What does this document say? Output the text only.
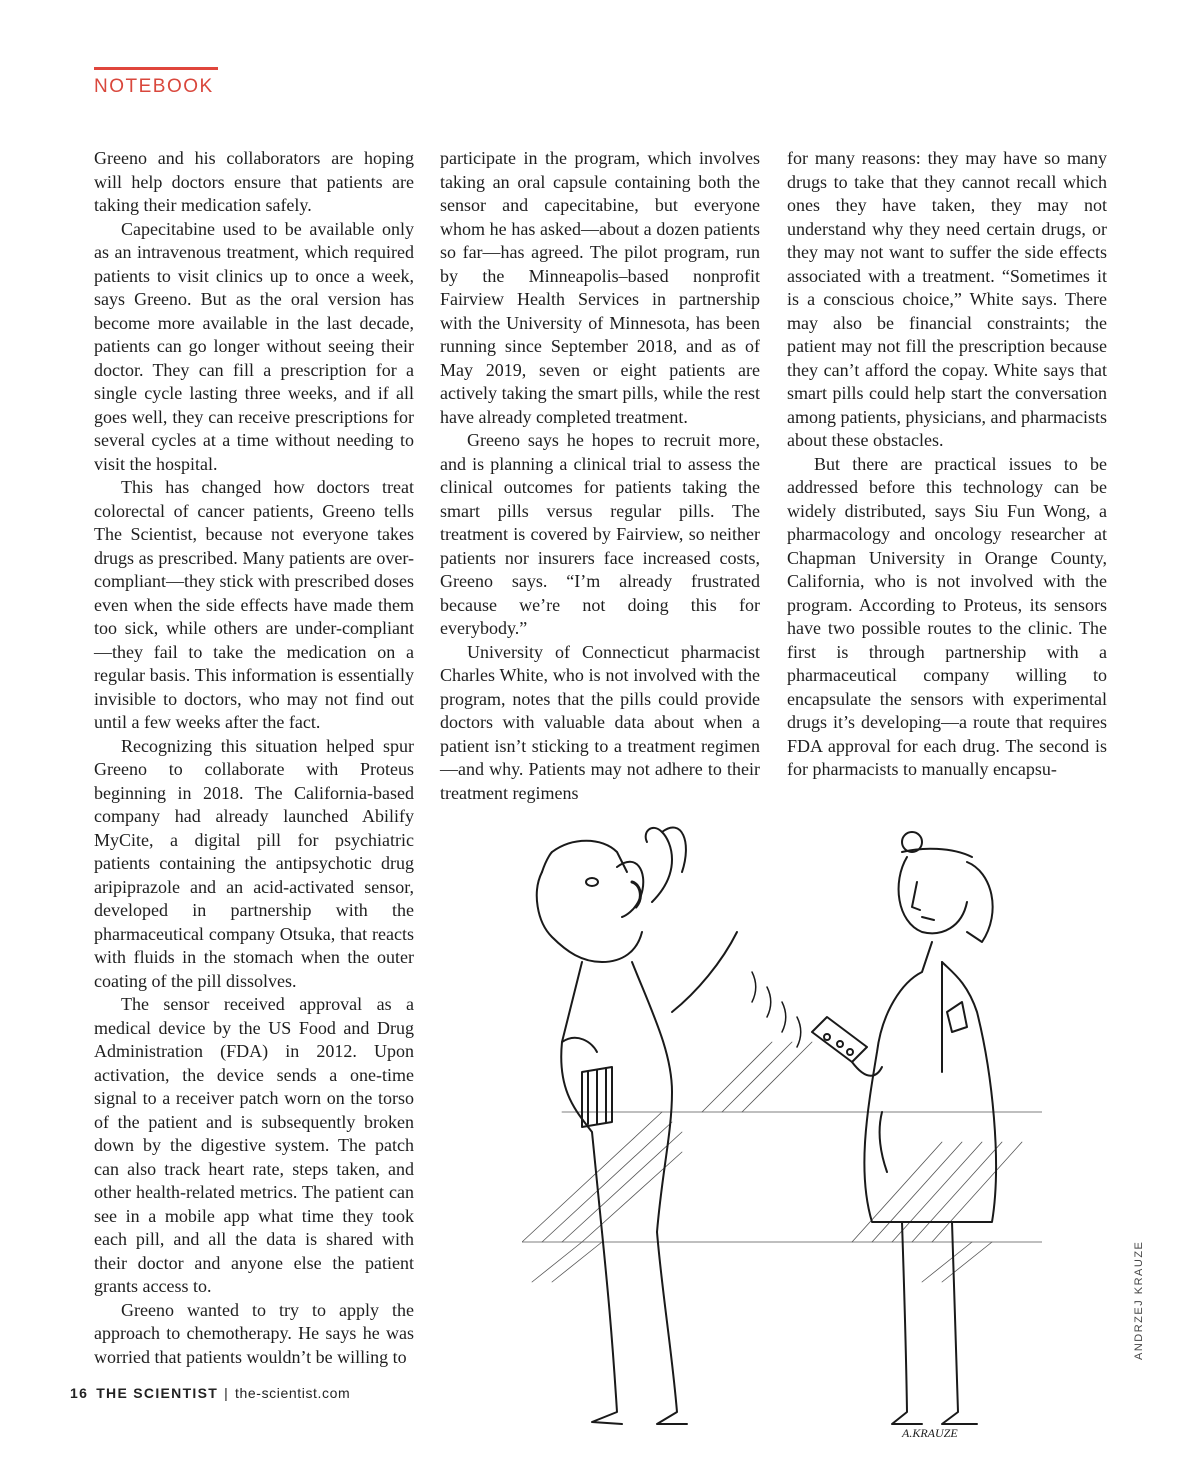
NOTEBOOK

Greeno and his collaborators are hoping will help doctors ensure that patients are taking their medication safely.

Capecitabine used to be available only as an intravenous treatment, which required patients to visit clinics up to once a week, says Greeno. But as the oral version has become more available in the last decade, patients can go longer without seeing their doctor. They can fill a prescription for a single cycle lasting three weeks, and if all goes well, they can receive prescriptions for several cycles at a time without needing to visit the hospital.

This has changed how doctors treat colorectal of cancer patients, Greeno tells The Scientist, because not everyone takes drugs as prescribed. Many patients are over-compliant—they stick with prescribed doses even when the side effects have made them too sick, while others are under-compliant—they fail to take the medication on a regular basis. This information is essentially invisible to doctors, who may not find out until a few weeks after the fact.

Recognizing this situation helped spur Greeno to collaborate with Proteus beginning in 2018. The California-based company had already launched Abilify MyCite, a digital pill for psychiatric patients containing the antipsychotic drug aripiprazole and an acid-activated sensor, developed in partnership with the pharmaceutical company Otsuka, that reacts with fluids in the stomach when the outer coating of the pill dissolves.

The sensor received approval as a medical device by the US Food and Drug Administration (FDA) in 2012. Upon activation, the device sends a one-time signal to a receiver patch worn on the torso of the patient and is subsequently broken down by the digestive system. The patch can also track heart rate, steps taken, and other health-related metrics. The patient can see in a mobile app what time they took each pill, and all the data is shared with their doctor and anyone else the patient grants access to.

Greeno wanted to try to apply the approach to chemotherapy. He says he was worried that patients wouldn’t be willing to

participate in the program, which involves taking an oral capsule containing both the sensor and capecitabine, but everyone whom he has asked—about a dozen patients so far—has agreed. The pilot program, run by the Minneapolis–based nonprofit Fairview Health Services in partnership with the University of Minnesota, has been running since September 2018, and as of May 2019, seven or eight patients are actively taking the smart pills, while the rest have already completed treatment.

Greeno says he hopes to recruit more, and is planning a clinical trial to assess the clinical outcomes for patients taking the smart pills versus regular pills. The treatment is covered by Fairview, so neither patients nor insurers face increased costs, Greeno says. “I’m already frustrated because we’re not doing this for everybody.”

University of Connecticut pharmacist Charles White, who is not involved with the program, notes that the pills could provide doctors with valuable data about when a patient isn’t sticking to a treatment regimen—and why. Patients may not adhere to their treatment regimens

for many reasons: they may have so many drugs to take that they cannot recall which ones they have taken, they may not understand why they need certain drugs, or they may not want to suffer the side effects associated with a treatment. “Sometimes it is a conscious choice,” White says. There may also be financial constraints; the patient may not fill the prescription because they can’t afford the copay. White says that smart pills could help start the conversation among patients, physicians, and pharmacists about these obstacles.

But there are practical issues to be addressed before this technology can be widely distributed, says Siu Fun Wong, a pharmacology and oncology researcher at Chapman University in Orange County, California, who is not involved with the program. According to Proteus, its sensors have two possible routes to the clinic. The first is through partnership with a pharmaceutical company willing to encapsulate the sensors with experimental drugs it’s developing—a route that requires FDA approval for each drug. The second is for pharmacists to manually encapsu-

A.KRAUZE
ANDRZEJ KRAUZE
16 THE SCIENTIST | the-scientist.com
